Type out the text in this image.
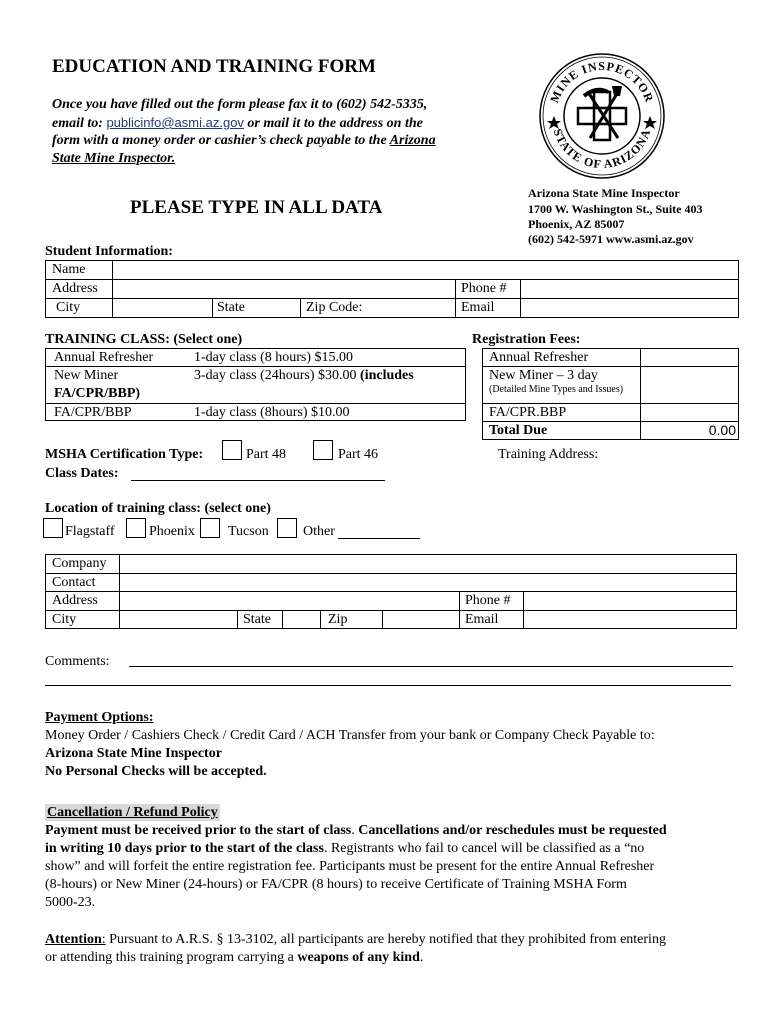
EDUCATION AND TRAINING FORM
Once you have filled out the form please fax it to (602) 542-5335,
email to: publicinfo@asmi.az.gov or mail it to the address on the
form with a money order or cashier’s check payable to the Arizona
State Mine Inspector.
PLEASE TYPE IN ALL DATA
MINE INSPECTOR
STATE OF ARIZONA
Arizona State Mine Inspector
1700 W. Washington St., Suite 403
Phoenix, AZ 85007
(602) 542-5971 www.asmi.az.gov
Student Information:
Name
Address	Phone #
City	State	Zip Code:	Email
TRAINING CLASS: (Select one)
Annual Refresher	1-day class (8 hours) $15.00
New Miner	3-day class (24hours) $30.00 (includes
FA/CPR/BBP)
FA/CPR/BBP	1-day class (8hours) $10.00
Registration Fees:
Annual Refresher
New Miner – 3 day
(Detailed Mine Types and Issues)
FA/CPR.BBP
Total Due	0.00
MSHA Certification Type:	Part 48	Part 46	Training Address:
Class Dates:
Location of training class: (select one)
Flagstaff Phoenix Tucson Other
Company
Contact
Address	Phone #
City	State	Zip	Email
Comments:
Payment Options:
Money Order / Cashiers Check / Credit Card / ACH Transfer from your bank or Company Check Payable to:
Arizona State Mine Inspector
No Personal Checks will be accepted.
Cancellation / Refund Policy
Payment must be received prior to the start of class. Cancellations and/or reschedules must be requested
in writing 10 days prior to the start of the class. Registrants who fail to cancel will be classified as a “no
show” and will forfeit the entire registration fee. Participants must be present for the entire Annual Refresher
(8-hours) or New Miner (24-hours) or FA/CPR (8 hours) to receive Certificate of Training MSHA Form
5000-23.
Attention: Pursuant to A.R.S. § 13-3102, all participants are hereby notified that they prohibited from entering
or attending this training program carrying a weapons of any kind.
